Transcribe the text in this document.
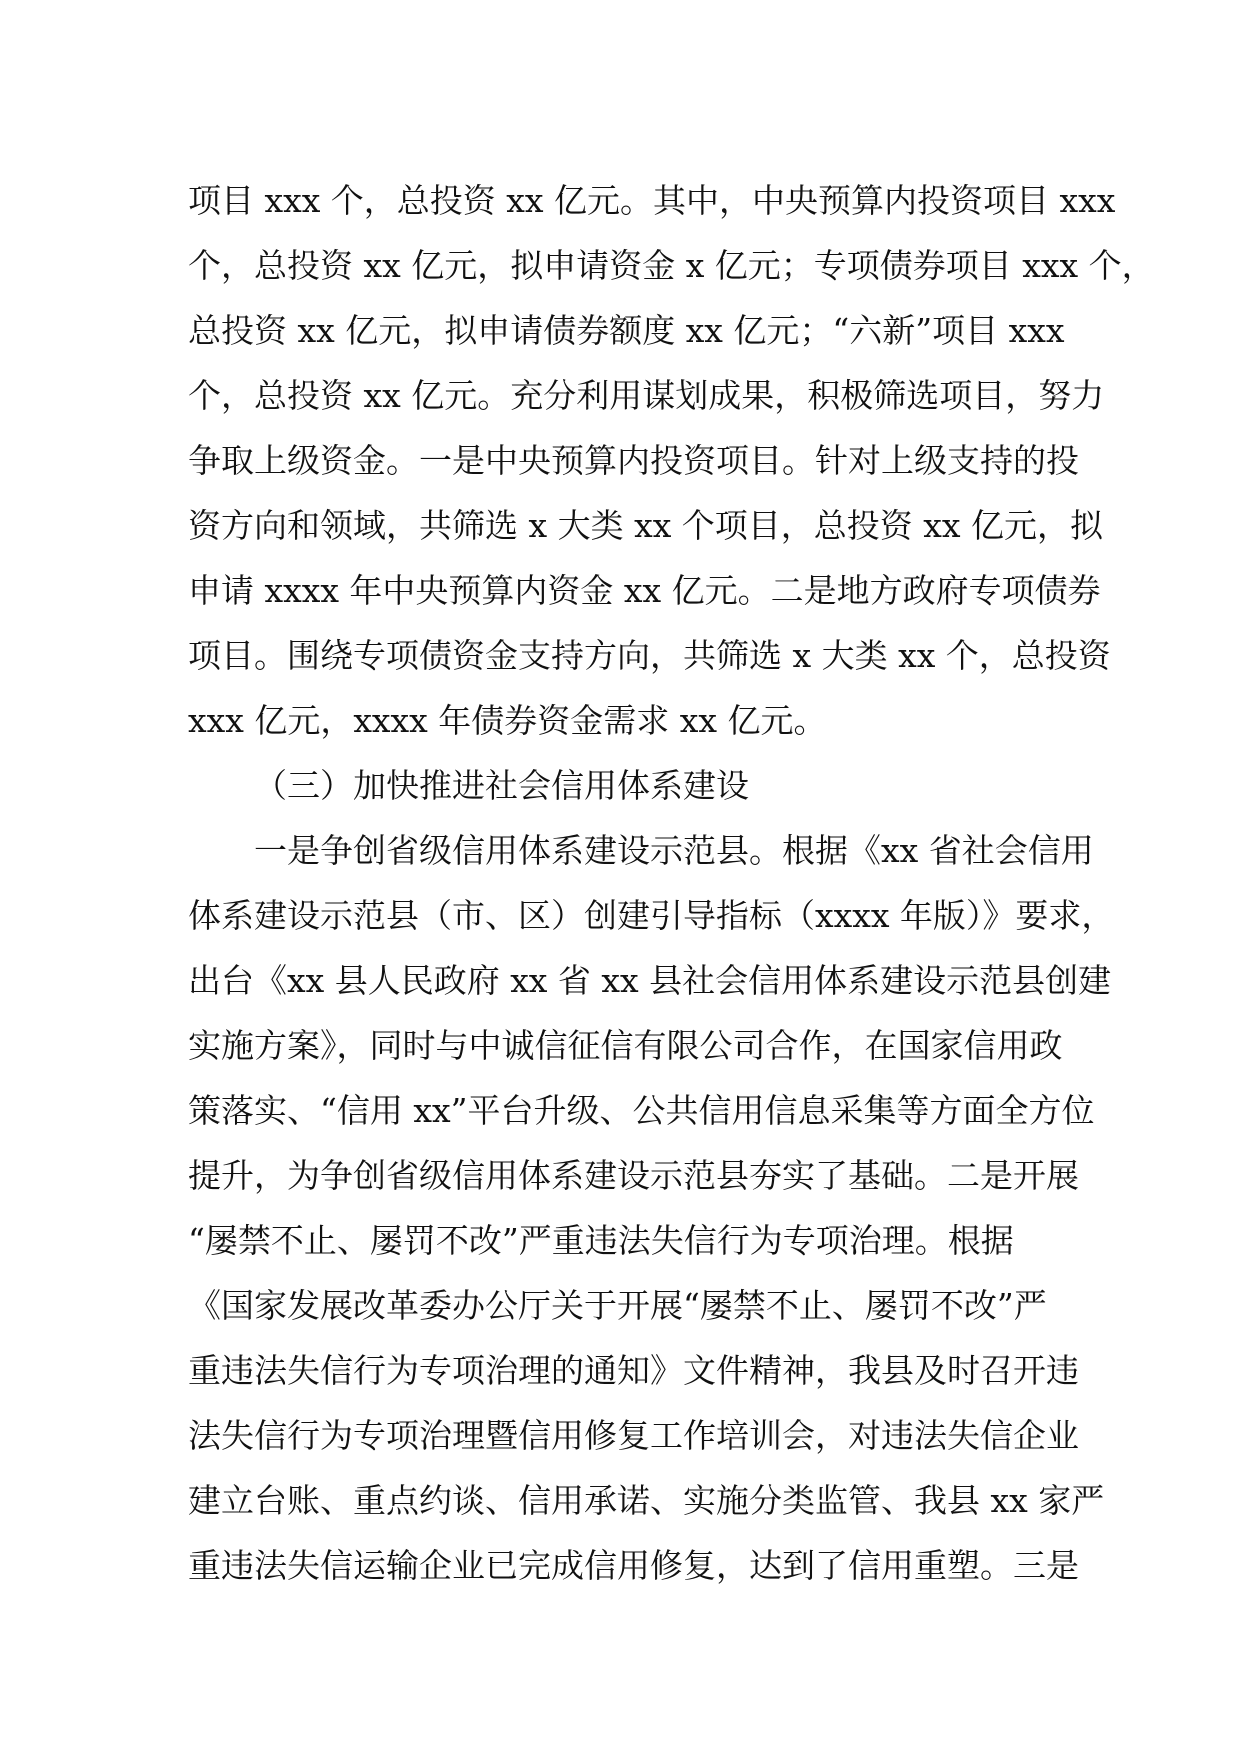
项目 xxx 个，总投资 xx 亿元。其中，中央预算内投资项目 xxx
个，总投资 xx 亿元，拟申请资金 x 亿元；专项债券项目 xxx 个，
总投资 xx 亿元，拟申请债券额度 xx 亿元；“六新”项目 xxx
个，总投资 xx 亿元。充分利用谋划成果，积极筛选项目，努力
争取上级资金。一是中央预算内投资项目。针对上级支持的投
资方向和领域，共筛选 x 大类 xx 个项目，总投资 xx 亿元，拟
申请 xxxx 年中央预算内资金 xx 亿元。二是地方政府专项债券
项目。围绕专项债资金支持方向，共筛选 x 大类 xx 个，总投资
xxx 亿元，xxxx 年债券资金需求 xx 亿元。
（三）加快推进社会信用体系建设
一是争创省级信用体系建设示范县。根据《xx 省社会信用
体系建设示范县（市、区）创建引导指标（xxxx 年版）》要求，
出台《xx 县人民政府 xx 省 xx 县社会信用体系建设示范县创建
实施方案》，同时与中诚信征信有限公司合作，在国家信用政
策落实、“信用 xx”平台升级、公共信用信息采集等方面全方位
提升，为争创省级信用体系建设示范县夯实了基础。二是开展
“屡禁不止、屡罚不改”严重违法失信行为专项治理。根据
《国家发展改革委办公厅关于开展“屡禁不止、屡罚不改”严
重违法失信行为专项治理的通知》文件精神，我县及时召开违
法失信行为专项治理暨信用修复工作培训会，对违法失信企业
建立台账、重点约谈、信用承诺、实施分类监管、我县 xx 家严
重违法失信运输企业已完成信用修复，达到了信用重塑。三是
